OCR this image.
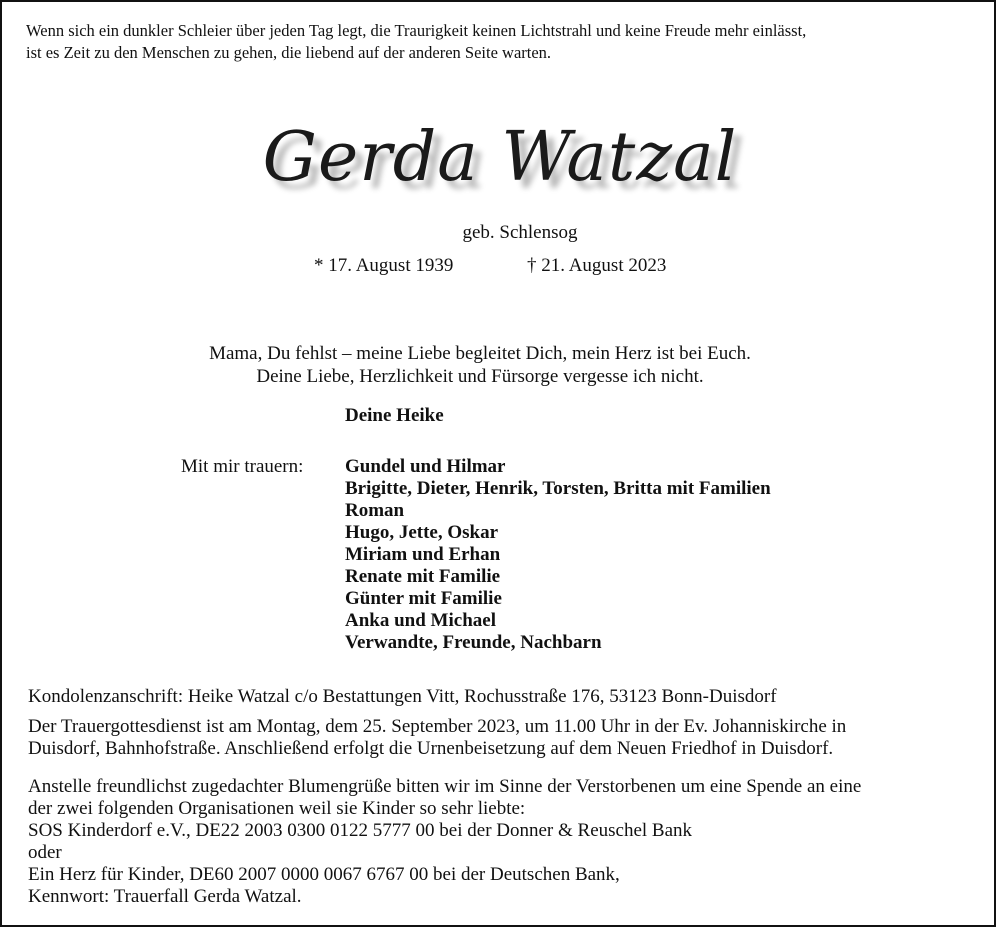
Wenn sich ein dunkler Schleier über jeden Tag legt, die Traurigkeit keinen Lichtstrahl und keine Freude mehr einlässt,
ist es Zeit zu den Menschen zu gehen, die liebend auf der anderen Seite warten.
Gerda Watzal
geb. Schlensog
* 17. August 1939	† 21. August 2023
Mama, Du fehlst – meine Liebe begleitet Dich, mein Herz ist bei Euch.
Deine Liebe, Herzlichkeit und Fürsorge vergesse ich nicht.
Deine Heike
Mit mir trauern: Gundel und Hilmar
Brigitte, Dieter, Henrik, Torsten, Britta mit Familien
Roman
Hugo, Jette, Oskar
Miriam und Erhan
Renate mit Familie
Günter mit Familie
Anka und Michael
Verwandte, Freunde, Nachbarn

Kondolenzanschrift: Heike Watzal c/o Bestattungen Vitt, Rochusstraße 176, 53123 Bonn-Duisdorf

Der Trauergottesdienst ist am Montag, dem 25. September 2023, um 11.00 Uhr in der Ev. Johanniskirche in

Duisdorf, Bahnhofstraße. Anschließend erfolgt die Urnenbeisetzung auf dem Neuen Friedhof in Duisdorf.

Anstelle freundlichst zugedachter Blumengrüße bitten wir im Sinne der Verstorbenen um eine Spende an eine

der zwei folgenden Organisationen weil sie Kinder so sehr liebte:

SOS Kinderdorf e.V., DE22 2003 0300 0122 5777 00 bei der Donner & Reuschel Bank

oder

Ein Herz für Kinder, DE60 2007 0000 0067 6767 00 bei der Deutschen Bank,

Kennwort: Trauerfall Gerda Watzal.
